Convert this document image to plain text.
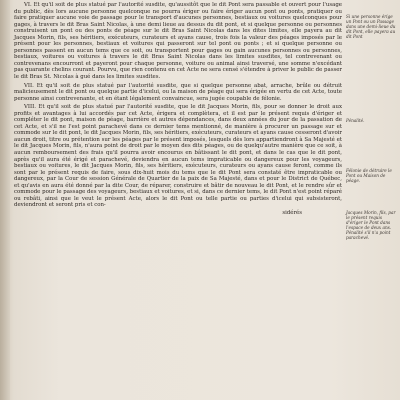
VI. Et qu'il soit de plus statué par l'autorité susdite, qu'aussitôt que le dit Pont sera passable et ouvert pour l'usage du public, dès lors aucune personne quelconque ne pourra ériger ou faire ériger aucun pont ou ponts, pratiquer ou faire pratiquer aucune voie de passage pour le transport d'aucunes personnes, bestiaux ou voitures quelconques pour gages, à travers le dit Bras Saint Nicolas, à une demi lieue au dessus du dit pont, et si quelque personne ou personnes construisent un pont ou des ponts de péage sur le dit Bras Saint Nicolas dans les dites limites, elle payera au dit Jacques Morin, fils, ses héritiers, exécuteurs, curateurs et ayans cause, trois fois la valeur des péages imposés par le présent pour les personnes, bestiaux et voitures qui passeront sur tel pont ou ponts ; et si quelque personne ou personnes passent en aucun tems que ce soit, ou transportent pour gages ou gain aucunes personnes ou personnes, bestiaux, voitures ou voitures à travers le dit Bras Saint Nicolas dans les limites susdites, tel contrevenant ou contrevenans encourront et payeront pour chaque personne, voiture ou animal ainsi traversé, une somme n'excédant pas quarante chelins courant. Pourvu, que rien contenu en cet Acte ne sera censé s'étendre à priver le public de passer le dit Bras St. Nicolas à gué dans les limites susdites.

VII. Et qu'il soit de plus statué par l'autorité susdite, que si quelque personne abat, arrache, brûle ou détruit malicieusement le dit pont ou quelque partie d'icelui, ou la maison de péage qui sera érigée en vertu de cet Acte, toute personne ainsi contrevenante, et en étant légalement convaincue, sera jugée coupable de félonie.

VIII. Et qu'il soit de plus statué par l'autorité susdite, que le dit Jacques Morin, fils, pour se donner le droit aux profits et avantages à lui accordés par cet Acte, érigera et complètera, et il est par le présent requis d'ériger et compléter le dit pont, maison de péage, barrière et autres dépendances, dans deux années du jour de la passation de cet Acte, et s'il ne l'est point parachevé dans ce dernier tems mentionné, de manière à procurer un passage sur et commode sur le dit pont, le dit Jacques Morin, fils, ses héritiers, exécuteurs, curateurs et ayans cause cesseront d'avoir aucun droit, titre ou prétention sur les péages par le présent imposés, lesquels dès lors appartiendront à Sa Majesté et le dit Jacques Morin, fils, n'aura point de droit par le moyen des dits péages, ou de quelqu'autre manière que ce soit, à aucun remboursement des frais qu'il pourra avoir encourus en bâtissant le dit pont, et dans le cas que le dit pont, après qu'il aura été érigé et parachevé, deviendra en aucun tems impraticable ou dangereux pour les voyageurs, bestiaux ou voitures, le dit Jacques Morin, fils, ses héritiers, exécuteurs, curateurs ou ayans cause feront, comme ils sont par le présent requis de faire, sous dix-huit mois du tems que le dit Pont sera constaté être impraticable ou dangereux, par la Cour de session Générale de Quartier de la paix de Sa Majesté, dans et pour le District de Québec, et qu'avis en aura été donné par la dite Cour, de réparer, construire et bâtir de nouveau le dit Pont, et le rendre sûr et commode pour le passage des voyageurs, bestiaux et voitures, et si, dans ce dernier tems, le dit Pont n'est point réparé ou rebâti, ainsi que le veut le présent Acte, alors le dit Pont ou telle partie ou parties d'icelui qui subsisteront, deviendront et seront pris et con-

sidérés
Si une personne érige un Pont ou un Passage dans une demi-lieue du dit Pont, elle payera au dit Pont
Pénalité.
Félonie de détruire le Pont ou Maison de péage.
Jacques Morin, fils, par le présent requis d'ériger le Pont dans l'espace de deux ans. Pénalité s'il n'a point parachevé.
